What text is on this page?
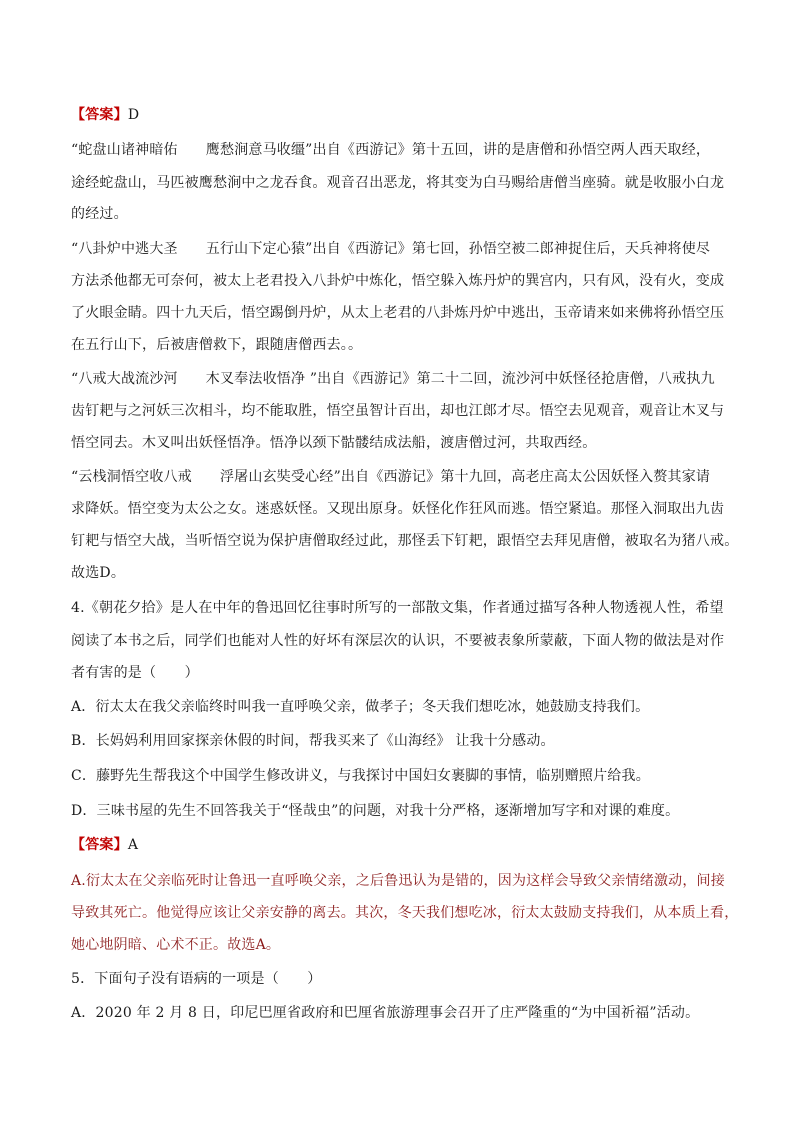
【答案】D
“蛇盘山诸神暗佑 鹰愁涧意马收缰”出自《西游记》第十五回，讲的是唐僧和孙悟空两人西天取经，
途经蛇盘山，马匹被鹰愁涧中之龙吞食。观音召出恶龙，将其变为白马赐给唐僧当座骑。就是收服小白龙
的经过。
“八卦炉中逃大圣 五行山下定心猿”出自《西游记》第七回，孙悟空被二郎神捉住后，天兵神将使尽
方法杀他都无可奈何，被太上老君投入八卦炉中炼化，悟空躲入炼丹炉的巽宫内，只有风，没有火，变成
了火眼金睛。四十九天后，悟空踢倒丹炉，从太上老君的八卦炼丹炉中逃出，玉帝请来如来佛将孙悟空压
在五行山下，后被唐僧救下，跟随唐僧西去。。
“八戒大战流沙河 木叉奉法收悟净 ”出自《西游记》第二十二回，流沙河中妖怪径抢唐僧，八戒执九
齿钉耙与之河妖三次相斗，均不能取胜，悟空虽智计百出，却也江郎才尽。悟空去见观音，观音让木叉与
悟空同去。木叉叫出妖怪悟净。悟净以颈下骷髅结成法船，渡唐僧过河，共取西经。
“云栈洞悟空收八戒 浮屠山玄奘受心经”出自《西游记》第十九回，高老庄高太公因妖怪入赘其家请
求降妖。悟空变为太公之女。迷惑妖怪。又现出原身。妖怪化作狂风而逃。悟空紧追。那怪入洞取出九齿
钉耙与悟空大战，当听悟空说为保护唐僧取经过此，那怪丢下钉耙，跟悟空去拜见唐僧，被取名为猪八戒。
故选D。
4.《朝花夕拾》是人在中年的鲁迅回忆往事时所写的一部散文集，作者通过描写各种人物透视人性，希望
阅读了本书之后，同学们也能对人性的好坏有深层次的认识，不要被表象所蒙蔽，下面人物的做法是对作
者有害的是（　　）
A．衍太太在我父亲临终时叫我一直呼唤父亲，做孝子；冬天我们想吃冰，她鼓励支持我们。
B．长妈妈利用回家探亲休假的时间，帮我买来了《山海经》 让我十分感动。
C．藤野先生帮我这个中国学生修改讲义，与我探讨中国妇女裹脚的事情，临别赠照片给我。
D．三味书屋的先生不回答我关于“怪哉虫”的问题，对我十分严格，逐渐增加写字和对课的难度。
【答案】A
A.衍太太在父亲临死时让鲁迅一直呼唤父亲，之后鲁迅认为是错的，因为这样会导致父亲情绪激动，间接
导致其死亡。他觉得应该让父亲安静的离去。其次，冬天我们想吃冰，衍太太鼓励支持我们，从本质上看，
她心地阴暗、心术不正。故选A。
5．下面句子没有语病的一项是（　　）
A．2020 年 2 月 8 日，印尼巴厘省政府和巴厘省旅游理事会召开了庄严隆重的“为中国祈福”活动。
